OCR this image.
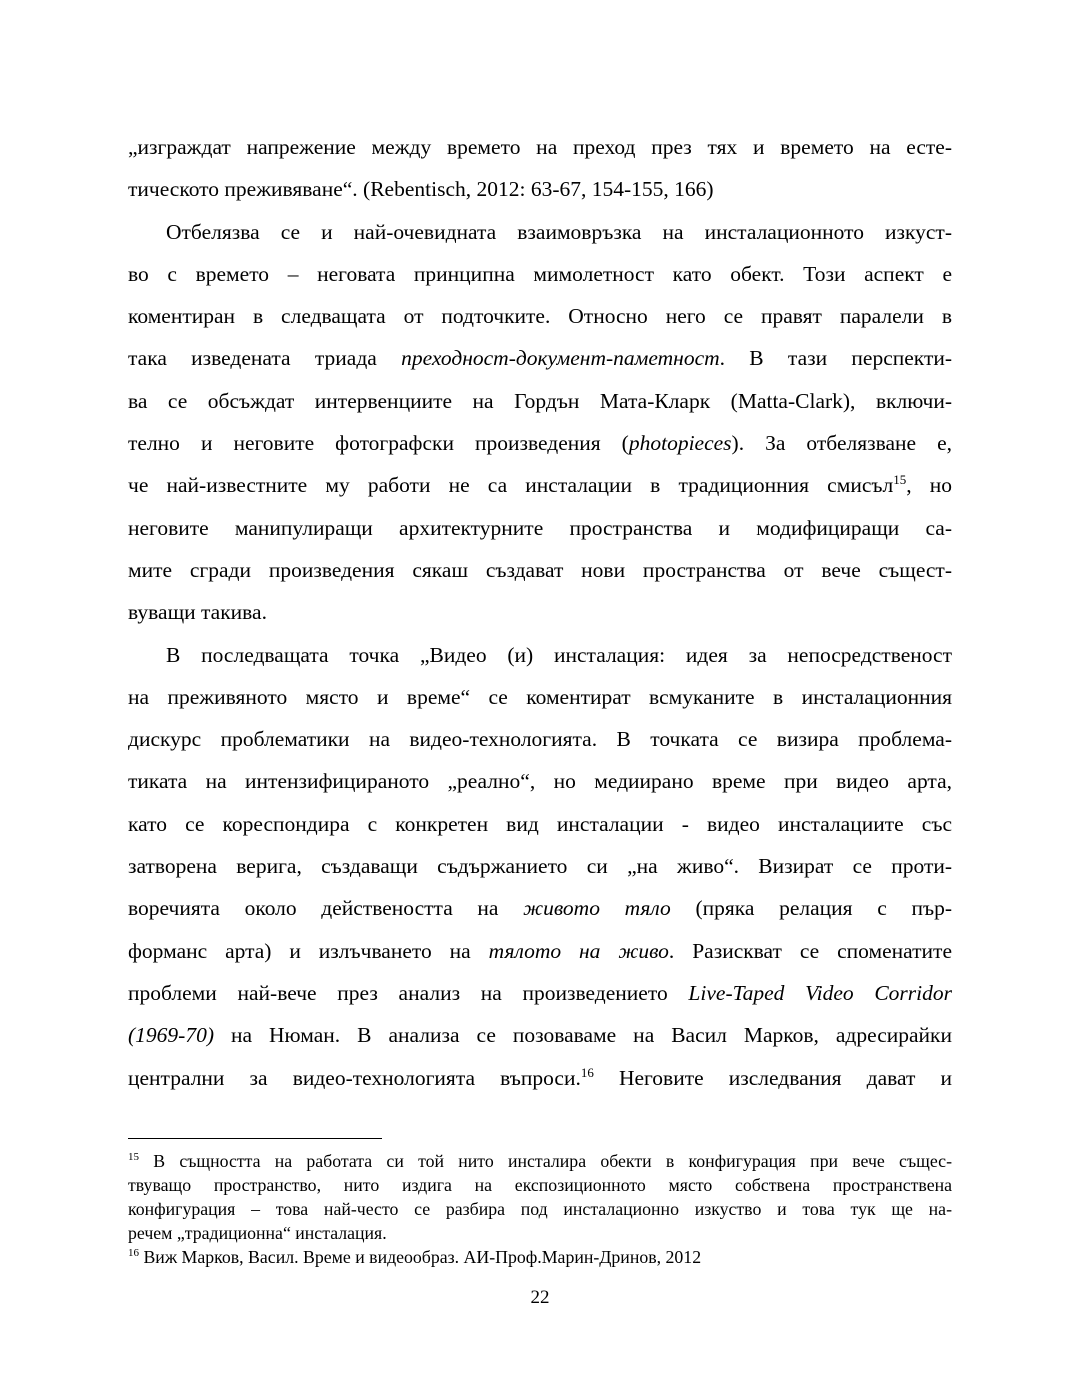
„изграждат напрежение между времето на преход през тях и времето на есте-
тическото преживяване“. (Rebentisch, 2012: 63-67, 154-155, 166)
Отбелязва се и най-очевидната взаимовръзка на инсталационното изкуст-
во с времето – неговата принципна мимолетност като обект. Този аспект е
коментиран в следващата от подточките. Относно него се правят паралели в
така изведената триада преходност-документ-паметност. В тази перспекти-
ва се обсъждат интервенциите на Гордън Мата-Кларк (Matta-Clark), включи-
телно и неговите фотографски произведения (photopieces). За отбелязване е,
че най-известните му работи не са инсталации в традиционния смисъл$^{15}$, но
неговите манипулиращи архитектурните пространства и модифициращи са-
мите сгради произведения сякаш създават нови пространства от вече същест-
вуващи такива.
В последващата точка „Видео (и) инсталация: идея за непосредственост
на преживяното място и време“ се коментират всмуканите в инсталационния
дискурс проблематики на видео-технологията. В точката се визира проблема-
тиката на интензифицираното „реално“, но медиирано време при видео арта,
като се кореспондира с конкретен вид инсталации - видео инсталациите със
затворена верига, създаващи съдържанието си „на живо“. Визират се проти-
воречията около действеността на живото тяло (пряка релация с пър-
форманс арта) и излъчването на тялото на живо. Разискват се споменатите
проблеми най-вече през анализ на произведението Live-Taped Video Corridor
(1969-70) на Нюман. В анализа се позоваваме на Васил Марков, адресирайки
централни за видео-технологията въпроси.$^{16}$ Неговите изследвания дават и
$^{15}$ В същността на работата си той нито инсталира обекти в конфигурация при вече същес-
твуващо пространство, нито издига на експозиционното място собствена пространствена
конфигурация – това най-често се разбира под инсталационно изкуство и това тук ще на-
речем „традиционна“ инсталация.
$^{16}$ Виж Марков, Васил. Време и видеообраз. АИ-Проф.Марин-Дринов, 2012
22
